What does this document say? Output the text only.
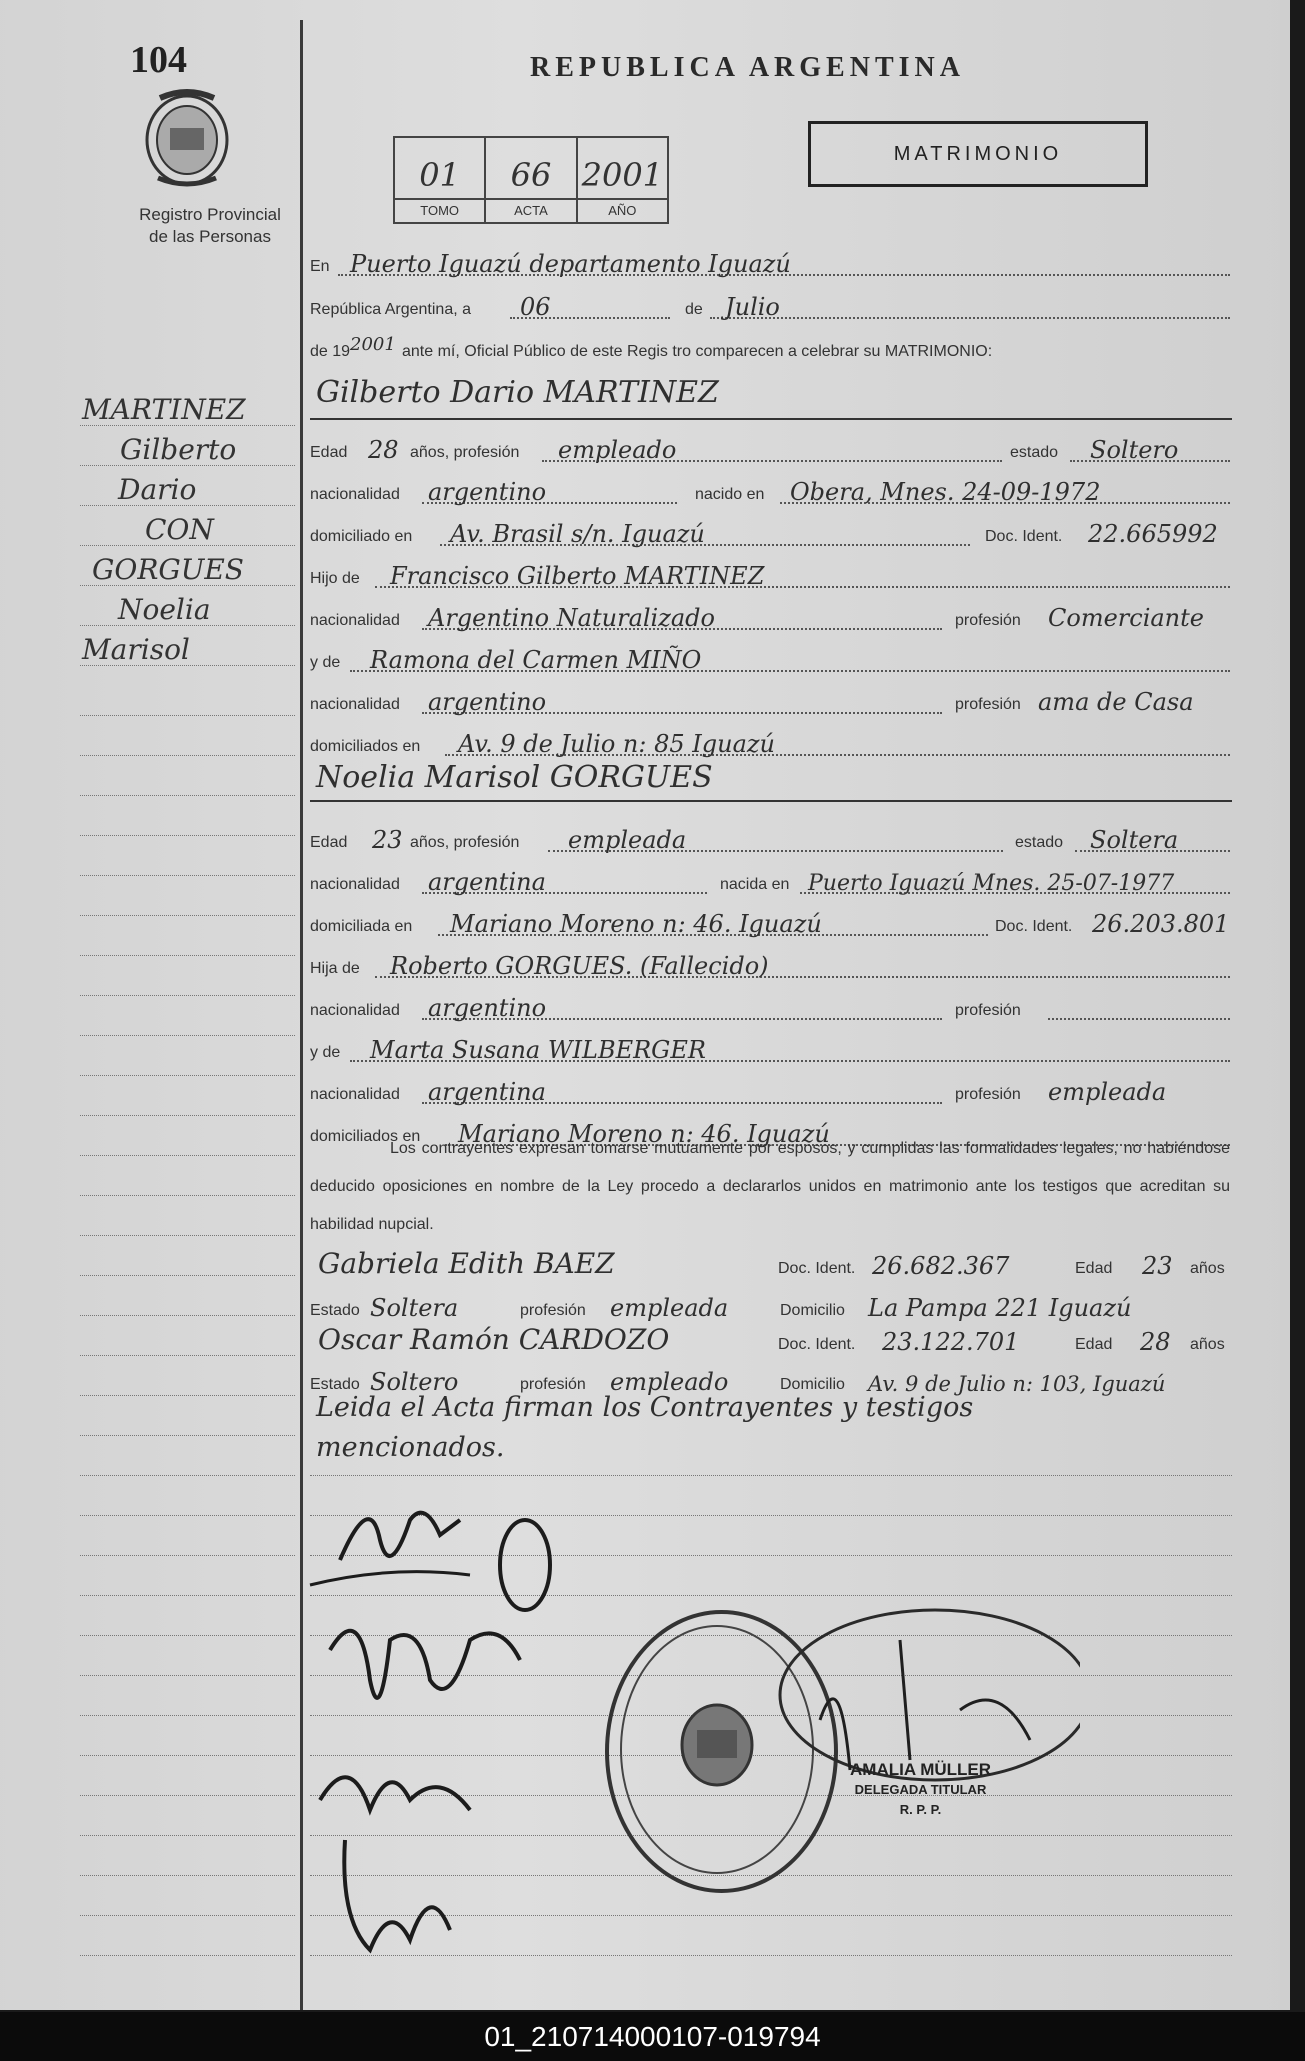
104
Registro Provincial
de las Personas
MARTINEZ
Gilberto
Dario
CON
GORGUES
Noelia
Marisol
REPUBLICA ARGENTINA
MATRIMONIO
01
TOMO
66
ACTA
2001
AÑO
En Puerto Iguazú departamento Iguazú
República Argentina, a 06	de Julio
de 19 2001 ante mí, Oficial Público de este Regis tro comparecen a celebrar su MATRIMONIO:
Gilberto Dario MARTINEZ
Edad 28 años, profesión empleado	estado Soltero
nacionalidad argentino	nacido en Obera, Mnes. 24-09-1972
domiciliado en Av. Brasil s/n. Iguazú	Doc. Ident. 22.665992
Hijo de Francisco Gilberto MARTINEZ
nacionalidad Argentino Naturalizado	profesión Comerciante
y de Ramona del Carmen MIÑO
nacionalidad argentino	profesión ama de Casa
domiciliados en Av. 9 de Julio n: 85 Iguazú
Noelia Marisol GORGUES
Edad 23 años, profesión empleada	estado Soltera
nacionalidad argentina	nacida en Puerto Iguazú Mnes. 25-07-1977
domiciliada en Mariano Moreno n: 46. Iguazú	Doc. Ident. 26.203.801
Hija de Roberto GORGUES. (Fallecido)
nacionalidad argentino	profesión
y de Marta Susana WILBERGER
nacionalidad argentina	profesión empleada
domiciliados en Mariano Moreno n: 46. Iguazú
Los contrayentes expresan tomarse mutuamente por esposos, y cumplidas las formalidades legales, no habiéndose deducido oposiciones en nombre de la Ley procedo a declararlos unidos en matrimonio ante los testigos que acreditan su habilidad nupcial.
Gabriela Edith BAEZ	Doc. Ident. 26.682.367	Edad 23 años
Estado Soltera	profesión empleada	Domicilio La Pampa 221 Iguazú
Oscar Ramón CARDOZO	Doc. Ident. 23.122.701	Edad 28 años
Estado Soltero	profesión empleado	Domicilio Av. 9 de Julio n: 103, Iguazú
Leida el Acta firman los Contrayentes y testigos
mencionados.
AMALIA MÜLLER
DELEGADA TITULAR
R. P. P.
01_210714000107-019794
